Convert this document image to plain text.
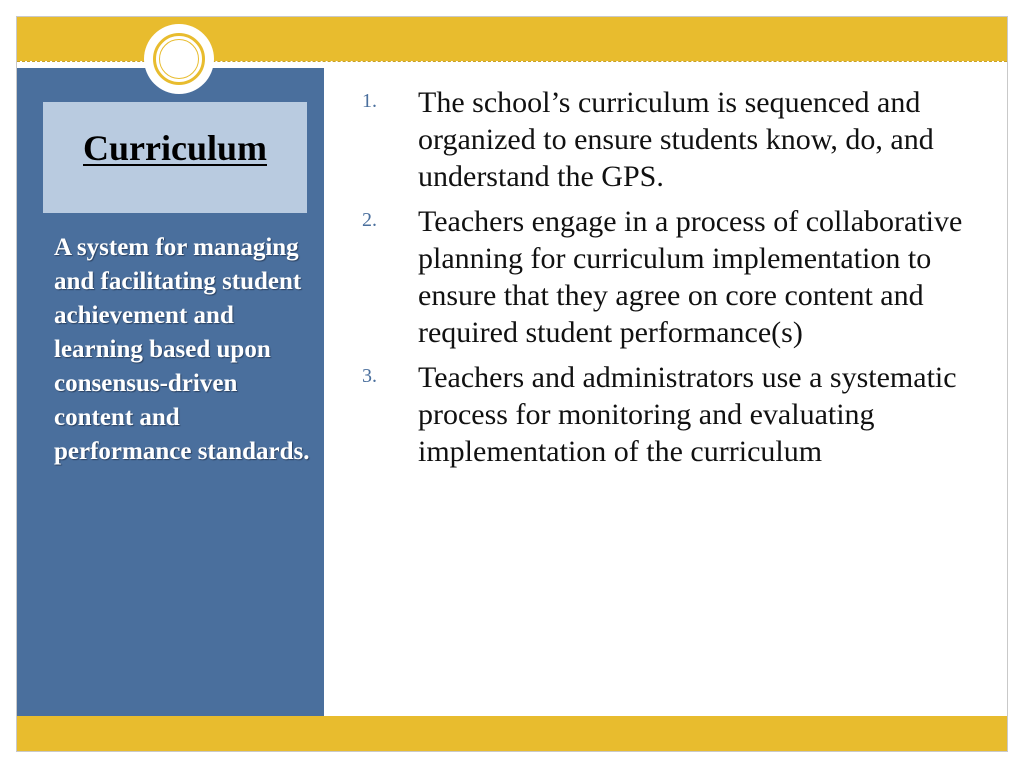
Curriculum

A system for managing and facilitating student achievement and learning based upon consensus-driven content and performance standards.

1. The school’s curriculum is sequenced and organized to ensure students know, do, and understand the GPS.
2. Teachers engage in a process of collaborative planning for curriculum implementation to ensure that they agree on core content and required student performance(s)
3. Teachers and administrators use a systematic process for monitoring and evaluating implementation of the curriculum
